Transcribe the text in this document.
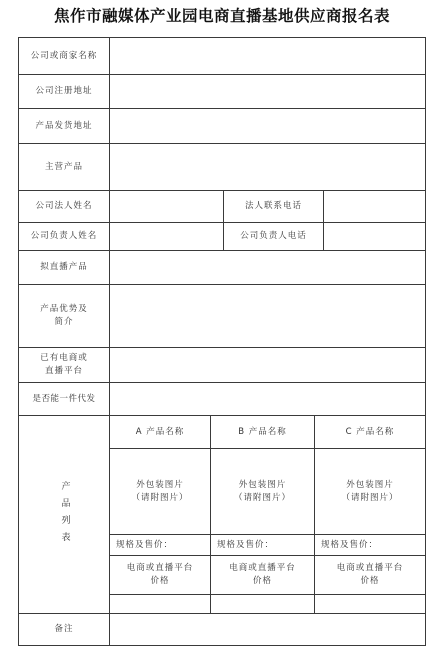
焦作市融媒体产业园电商直播基地供应商报名表
公司或商家名称
公司注册地址
产品发货地址
主营产品
公司法人姓名	法人联系电话
公司负责人姓名	公司负责人电话
拟直播产品
产品优势及
简介
已有电商或
直播平台
是否能一件代发
产品列表
A 产品名称
外包装图片
（请附图片）
规格及售价：
电商或直播平台
价格
B 产品名称
外包装图片
（请附图片）
规格及售价：
电商或直播平台
价格
C 产品名称
外包装图片
（请附图片）
规格及售价：
电商或直播平台
价格
备注
